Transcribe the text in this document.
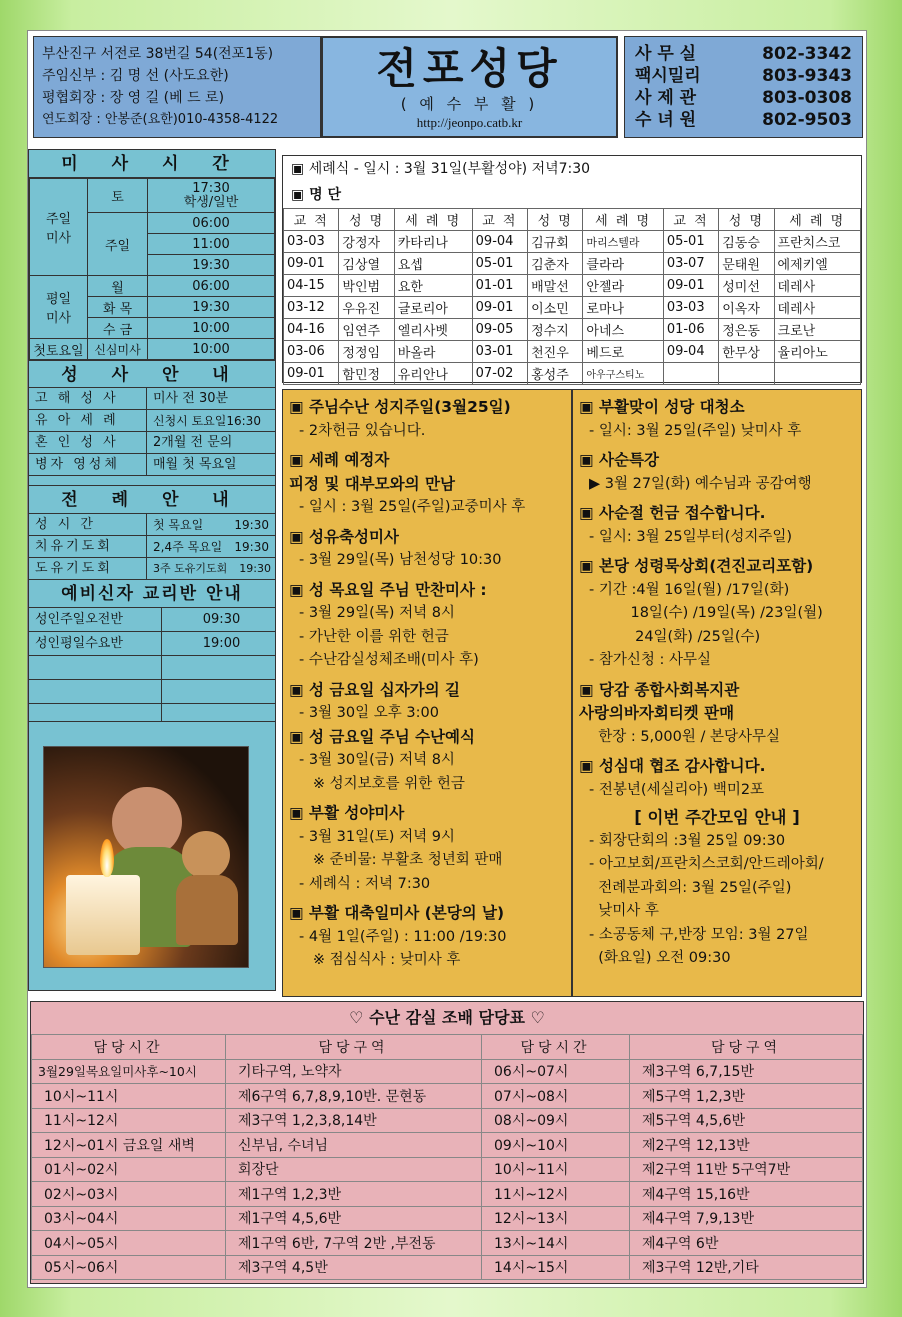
부산진구 서전로 38번길 54(전포1동)
주임신부 : 김 명 선 (사도요한)
평협회장 : 장 영 길 (베 드 로)
연도회장 : 안봉준(요한)010-4358-4122
전포성당
( 예 수 부 활 )
http://jeonpo.catb.kr
사 무 실	802-3342
팩시밀리	803-9343
사 제 관	803-0308
수 녀 원	802-9503
미 사 시 간
주일
미사	토	17:30
학생/일반
	주일	06:00
		11:00
		19:30
평일
미사	월	06:00
	화 목	19:30
	수 금	10:00
첫토요일	신심미사	10:00
성 사 안 내
고 해 성 사	미사 전 30분
유 아 세 례	신청시 토요일16:30
혼 인 성 사	2개월 전 문의
병자 영성체	매월 첫 목요일
전 례 안 내
성 시 간	첫 목요일	19:30
치유기도회	2,4주 목요일	19:30
도유기도회	3주 도유기도회	19:30
예비신자 교리반 안내
성인주일오전반	09:30
성인평일수요반	19:00
▣ 세례식 - 일시 : 3월 31일(부활성야) 저녁7:30
▣ 명 단
교 적	성 명	세 례 명	교 적	성 명	세 례 명	교 적	성 명	세 례 명
03-03	강정자	카타리나	09-04	김규회	마리스텔라	05-01	김동승	프란치스코
09-01	김상열	요셉	05-01	김춘자	클라라	03-07	문태원	에제키엘
04-15	박인범	요한	01-01	배말선	안젤라	09-01	성미선	데레사
03-12	우유진	글로리아	09-01	이소민	로마나	03-03	이옥자	데레사
04-16	임연주	엘리사벳	09-05	정수지	아네스	01-06	정은동	크로난
03-06	정정임	바올라	03-01	천진우	베드로	09-04	한무상	율리아노
09-01	함민정	유리안나	07-02	홍성주	아우구스티노			
▣ 주님수난 성지주일(3월25일)
- 2차헌금 있습니다.
▣ 세례 예정자
피정 및 대부모와의 만남
- 일시 : 3월 25일(주일)교중미사 후
▣ 성유축성미사
- 3월 29일(목) 남천성당 10:30
▣ 성 목요일 주님 만찬미사 :
- 3월 29일(목) 저녁 8시
- 가난한 이를 위한 헌금
- 수난감실성체조배(미사 후)
▣ 성 금요일 십자가의 길
- 3월 30일 오후 3:00
▣ 성 금요일 주님 수난예식
- 3월 30일(금) 저녁 8시
※ 성지보호를 위한 헌금
▣ 부활 성야미사
- 3월 31일(토) 저녁 9시
※ 준비물: 부활초 청년회 판매
- 세례식 : 저녁 7:30
▣ 부활 대축일미사 (본당의 날)
- 4월 1일(주일) : 11:00 /19:30
※ 점심식사 : 낮미사 후
▣ 부활맞이 성당 대청소
- 일시: 3월 25일(주일) 낮미사 후
▣ 사순특강
▶ 3월 27일(화) 예수님과 공감여행
▣ 사순절 헌금 접수합니다.
- 일시: 3월 25일부터(성지주일)
▣ 본당 성령묵상회(견진교리포함)
- 기간 :4월 16일(월) /17일(화)
18일(수) /19일(목) /23일(월)
24일(화) /25일(수)
- 참가신청 : 사무실
▣ 당감 종합사회복지관
사랑의바자회티켓 판매
한장 : 5,000원 / 본당사무실
▣ 성심대 협조 감사합니다.
- 전봉년(세실리아) 백미2포
[ 이번 주간모임 안내 ]
- 회장단회의 :3월 25일 09:30
- 아고보회/프란치스코회/안드레아회/
전례분과회의: 3월 25일(주일)
낮미사 후
- 소공동체 구,반장 모임: 3월 27일
(화요일) 오전 09:30
♡ 수난 감실 조배 담당표 ♡
담당시간	담당구역	담당시간	담당구역
3월29일목요일미사후~10시	기타구역, 노약자	06시~07시	제3구역 6,7,15반
10시~11시	제6구역 6,7,8,9,10반. 문현동	07시~08시	제5구역 1,2,3반
11시~12시	제3구역 1,2,3,8,14반	08시~09시	제5구역 4,5,6반
12시~01시 금요일 새벽	신부님, 수녀님	09시~10시	제2구역 12,13반
01시~02시	회장단	10시~11시	제2구역 11반 5구역7반
02시~03시	제1구역 1,2,3반	11시~12시	제4구역 15,16반
03시~04시	제1구역 4,5,6반	12시~13시	제4구역 7,9,13반
04시~05시	제1구역 6반, 7구역 2반 ,부전동	13시~14시	제4구역 6반
05시~06시	제3구역 4,5반	14시~15시	제3구역 12반,기타
